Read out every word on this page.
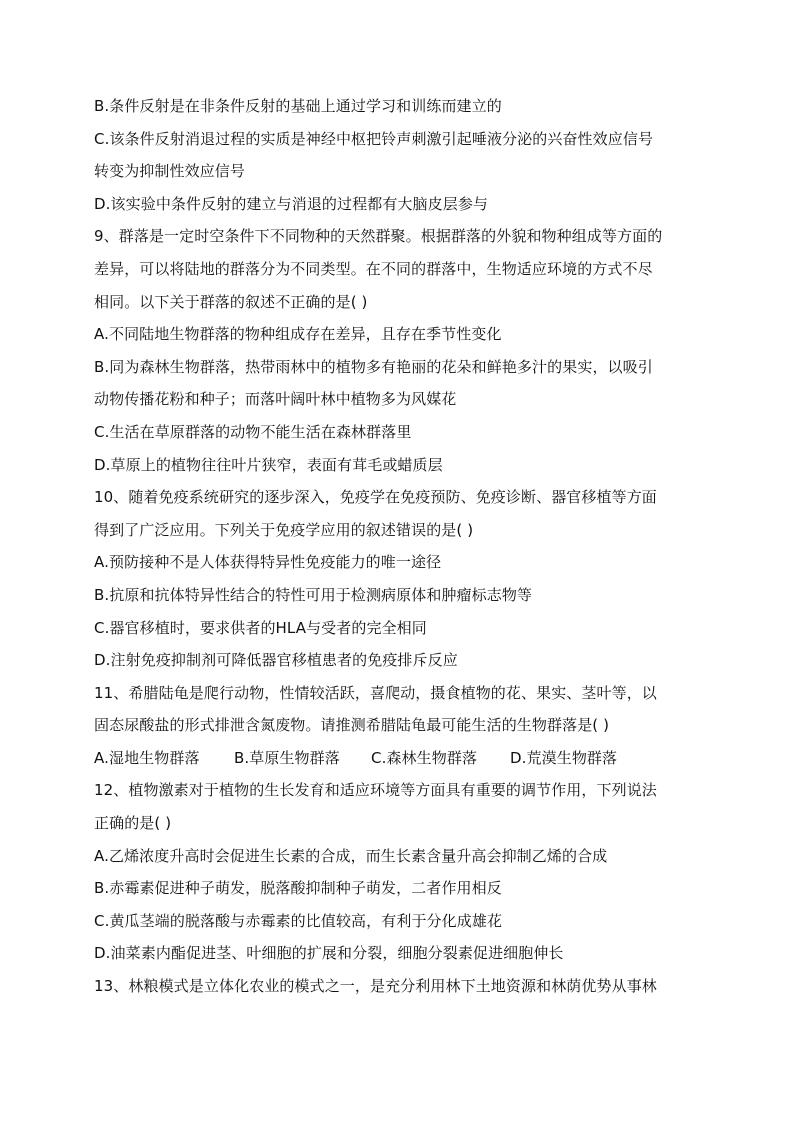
B.条件反射是在非条件反射的基础上通过学习和训练而建立的
C.该条件反射消退过程的实质是神经中枢把铃声刺激引起唾液分泌的兴奋性效应信号
转变为抑制性效应信号
D.该实验中条件反射的建立与消退的过程都有大脑皮层参与
9、群落是一定时空条件下不同物种的天然群聚。根据群落的外貌和物种组成等方面的
差异，可以将陆地的群落分为不同类型。在不同的群落中，生物适应环境的方式不尽
相同。以下关于群落的叙述不正确的是( )
A.不同陆地生物群落的物种组成存在差异，且存在季节性变化
B.同为森林生物群落，热带雨林中的植物多有艳丽的花朵和鲜艳多汁的果实，以吸引
动物传播花粉和种子；而落叶阔叶林中植物多为风媒花
C.生活在草原群落的动物不能生活在森林群落里
D.草原上的植物往往叶片狭窄，表面有茸毛或蜡质层
10、随着免疫系统研究的逐步深入，免疫学在免疫预防、免疫诊断、器官移植等方面
得到了广泛应用。下列关于免疫学应用的叙述错误的是( )
A.预防接种不是人体获得特异性免疫能力的唯一途径
B.抗原和抗体特异性结合的特性可用于检测病原体和肿瘤标志物等
C.器官移植时，要求供者的HLA与受者的完全相同
D.注射免疫抑制剂可降低器官移植患者的免疫排斥反应
11、希腊陆龟是爬行动物，性情较活跃，喜爬动，摄食植物的花、果实、茎叶等，以
固态尿酸盐的形式排泄含氮废物。请推测希腊陆龟最可能生活的生物群落是( )
A.湿地生物群落	B.草原生物群落	C.森林生物群落	D.荒漠生物群落
12、植物激素对于植物的生长发育和适应环境等方面具有重要的调节作用，下列说法
正确的是( )
A.乙烯浓度升高时会促进生长素的合成，而生长素含量升高会抑制乙烯的合成
B.赤霉素促进种子萌发，脱落酸抑制种子萌发，二者作用相反
C.黄瓜茎端的脱落酸与赤霉素的比值较高，有利于分化成雄花
D.油菜素内酯促进茎、叶细胞的扩展和分裂，细胞分裂素促进细胞伸长
13、林粮模式是立体化农业的模式之一，是充分利用林下土地资源和林荫优势从事林
